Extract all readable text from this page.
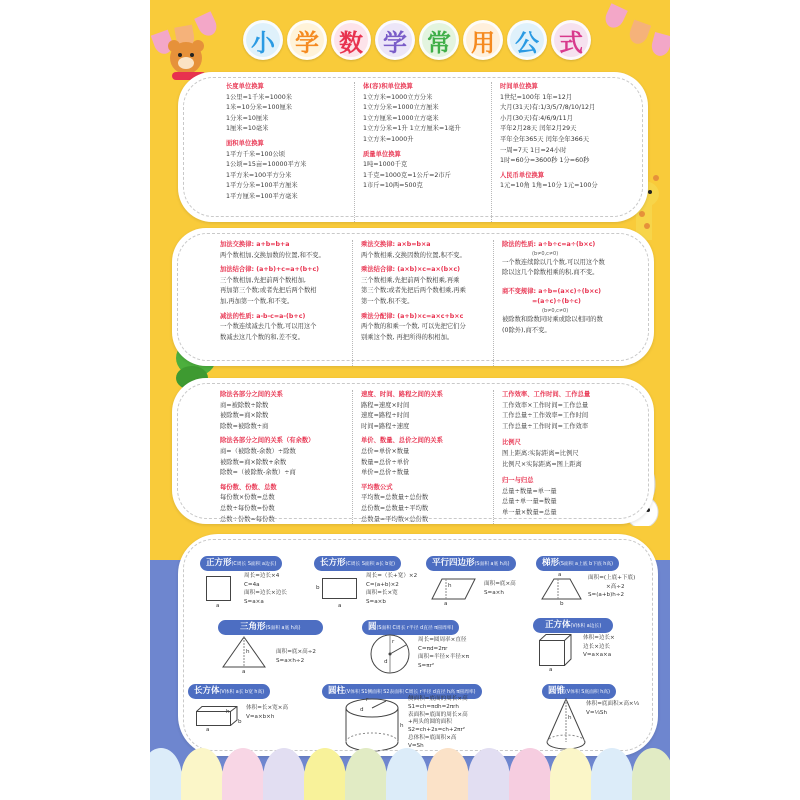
小 学 数 学 常 用 公 式
长度单位换算
1公里=1千米=1000米
1米=10分米=100厘米
1分米=10厘米
1厘米=10毫米
面积单位换算
1平方千米=100公顷
1公顷=15亩=10000平方米
1平方米=100平方分米
1平方分米=100平方厘米
1平方厘米=100平方毫米
体(容)积单位换算
1立方米=1000立方分米
1立方分米=1000立方厘米
1立方厘米=1000立方毫米
1立方分米=1升 1立方厘米=1毫升
1立方米=1000升
质量单位换算
1吨=1000千克
1千克=1000克=1公斤=2市斤
1市斤=10两=500克
时间单位换算
1世纪=100年 1年=12月
大月(31天)有:1/3/5/7/8/10/12月
小月(30天)有:4/6/9/11月
平年2月28天 闰年2月29天
平年全年365天 闰年全年366天
一周=7天 1日=24小时
1时=60分=3600秒 1分=60秒
人民币单位换算
1元=10角 1角=10分 1元=100分
加法交换律: a+b=b+a
两个数相加,交换加数的位置,和不变。
加法结合律: (a+b)+c=a+(b+c)
三个数相加,先把前两个数相加,
再加第三个数;或者先把后两个数相
加,再加第一个数,和不变。
减法的性质: a-b-c=a-(b+c)
一个数连续减去几个数,可以用这个
数减去这几个数的和,差不变。
乘法交换律: a×b=b×a
两个数相乘,交换因数的位置,积不变。
乘法结合律: (a×b)×c=a×(b×c)
三个数相乘,先把前两个数相乘,再乘
第三个数;或者先把后两个数相乘,再乘
第一个数,积不变。
乘法分配律: (a+b)×c=a×c+b×c
两个数的和乘一个数, 可以先把它们分
别乘这个数, 再把所得的积相加。
除法的性质: a÷b÷c=a÷(b×c)
(b≠0,c≠0)
一个数连续除以几个数,可以用这个数
除以这几个除数相乘的积,商不变。
商不变规律: a÷b=(a×c)÷(b×c)
=(a÷c)÷(b÷c)
(b≠0,c≠0)
被除数和除数同时乘或除以相同的数
(0除外),商不变。
除法各部分之间的关系
商=被除数÷除数
被除数=商×除数
除数=被除数÷商
除法各部分之间的关系（有余数）
商=（被除数-余数）÷除数
被除数=商×除数+余数
除数=（被除数-余数）÷商
每份数、份数、总数
每份数×份数=总数
总数÷每份数=份数
总数÷份数=每份数
速度、时间、路程之间的关系
路程=速度×时间
速度=路程÷时间
时间=路程÷速度
单价、数量、总价之间的关系
总价=单价×数量
数量=总价÷单价
单价=总价÷数量
平均数公式
平均数=总数量÷总份数
总份数=总数量÷平均数
总数量=平均数×总份数
工作效率、工作时间、工作总量
工作效率×工作时间=工作总量
工作总量÷工作效率=工作时间
工作总量÷工作时间=工作效率
比例尺
图上距离:实际距离=比例尺
比例尺×实际距离=图上距离
归一与归总
总量÷数量=单一量
总量÷单一量=数量
单一量×数量=总量
正方形(C周长 S面积 a边长)
a
周长=边长×4
C=4a
面积=边长×边长
S=a×a
长方形(C周长 S面积 a长 b宽)
b
a
周长=（长+宽）×2
C=(a+b)×2
面积=长×宽
S=a×b
平行四边形(S面积 a底 h高)
h
a
面积=底×高
S=a×h
梯形(S面积 a上底 b下底 h高)
a
b
面积=(上底+下底)
×高÷2
S=(a+b)h÷2
三角形(S面积 a底 h高)
h
a
面积=底×高÷2
S=a×h÷2
圆(S面积 C周长 r半径 d直径 π圆周率)
r
d
周长=圆周率×直径
C=πd=2πr
面积=半径×半径×π
S=πr²
正方体(V体积 a边长)
a
体积=边长×
边长×边长
V=a×a×a
长方体(V体积 a长 b宽 h高)
a
h
b
体积=长×宽×高
V=a×b×h
圆柱(V体积 S1侧面积 S2表面积 C周长 r半径 d直径 h高 π圆周率)
r
d
h
侧面积=底面的周长×高
S1=ch=πdh=2πrh
表面积=底面的周长×高
+两头的圆的面积
S2=ch+2s=ch+2πr²
总体积=底面积×高
V=Sh
圆锥(V体积 S底面积 h高)
h
体积=底面积×高×⅓
V=⅓Sh
